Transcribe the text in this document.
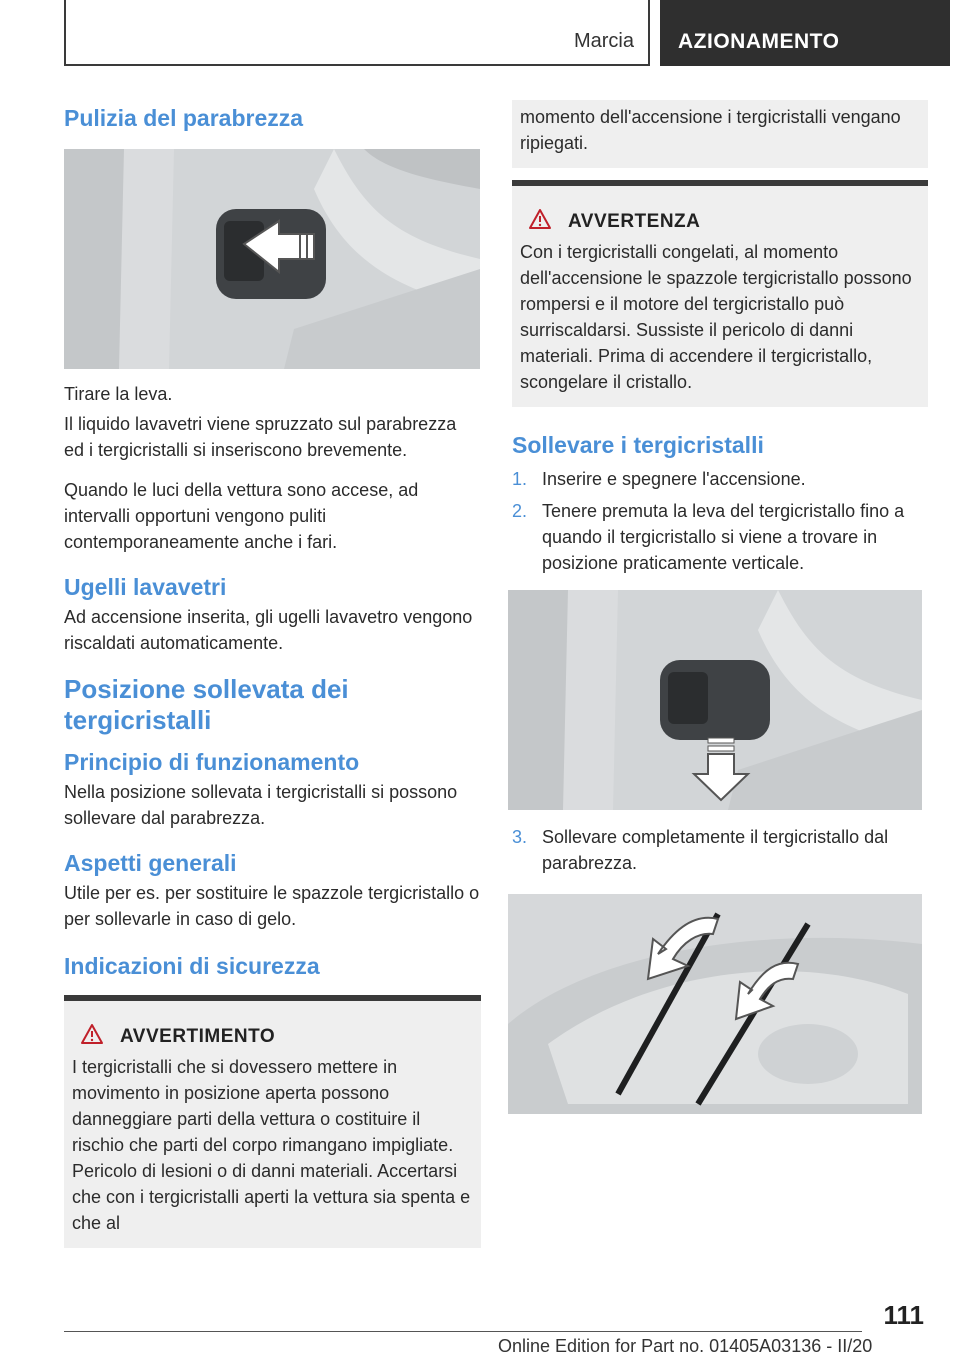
Marcia AZIONAMENTO
Pulizia del parabrezza

Tirare la leva.

Il liquido lavavetri viene spruzzato sul parabrezza ed i tergicristalli si inseriscono brevemente.

Quando le luci della vettura sono accese, ad intervalli opportuni vengono puliti contemporaneamente anche i fari.

Ugelli lavavetri

Ad accensione inserita, gli ugelli lavavetro vengono riscaldati automaticamente.

Posizione sollevata dei tergicristalli
Principio di funzionamento

Nella posizione sollevata i tergicristalli si possono sollevare dal parabrezza.

Aspetti generali

Utile per es. per sostituire le spazzole tergicristallo o per sollevarle in caso di gelo.

Indicazioni di sicurezza
AVVERTIMENTO

I tergicristalli che si dovessero mettere in movimento in posizione aperta possono danneggiare parti della vettura o costituire il rischio che parti del corpo rimangano impigliate. Pericolo di lesioni o di danni materiali. Accertarsi che con i tergicristalli aperti la vettura sia spenta e che al

momento dell'accensione i tergicristalli vengano ripiegati.

AVVERTENZA

Con i tergicristalli congelati, al momento dell'accensione le spazzole tergicristallo possono rompersi e il motore del tergicristallo può surriscaldarsi. Sussiste il pericolo di danni materiali. Prima di accendere il tergicristallo, scongelare il cristallo.

Sollevare i tergicristalli
1. Inserire e spegnere l'accensione.
2. Tenere premuta la leva del tergicristallo fino a quando il tergicristallo si viene a trovare in posizione praticamente verticale.
3. Sollevare completamente il tergicristallo dal parabrezza.
111
Online Edition for Part no. 01405A03136 - II/20
